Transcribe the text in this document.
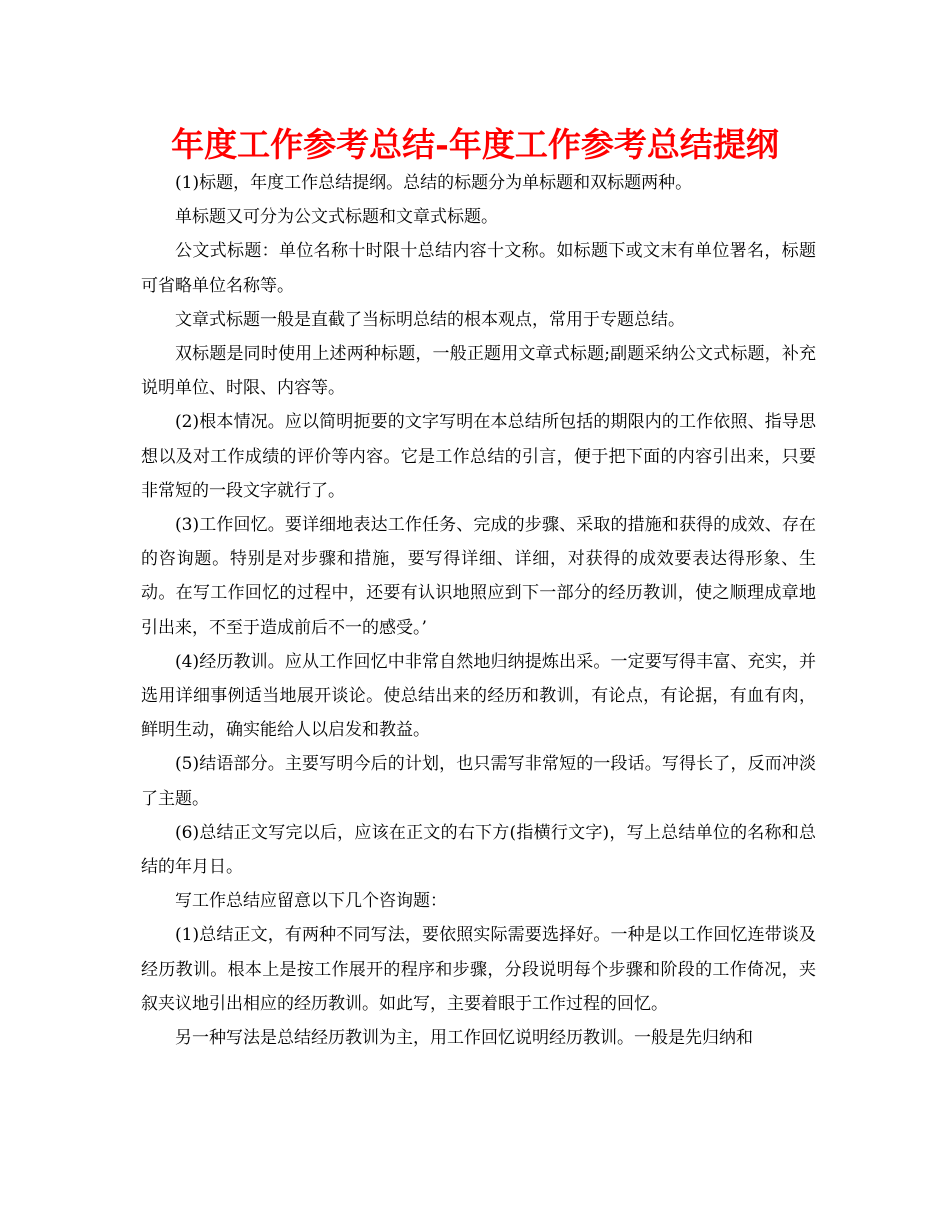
年度工作参考总结-年度工作参考总结提纲

(1)标题，年度工作总结提纲。总结的标题分为单标题和双标题两种。

单标题又可分为公文式标题和文章式标题。

公文式标题：单位名称十时限十总结内容十文称。如标题下或文末有单位署名，标题可省略单位名称等。

文章式标题一般是直截了当标明总结的根本观点，常用于专题总结。

双标题是同时使用上述两种标题，一般正题用文章式标题;副题采纳公文式标题，补充说明单位、时限、内容等。

(2)根本情况。应以简明扼要的文字写明在本总结所包括的期限内的工作依照、指导思想以及对工作成绩的评价等内容。它是工作总结的引言，便于把下面的内容引出来，只要非常短的一段文字就行了。

(3)工作回忆。要详细地表达工作任务、完成的步骤、采取的措施和获得的成效、存在的咨询题。特别是对步骤和措施，要写得详细、详细，对获得的成效要表达得形象、生动。在写工作回忆的过程中，还要有认识地照应到下一部分的经历教训，使之顺理成章地引出来，不至于造成前后不一的感受。’

(4)经历教训。应从工作回忆中非常自然地归纳提炼出采。一定要写得丰富、充实，并选用详细事例适当地展开谈论。使总结出来的经历和教训，有论点，有论据，有血有肉，鲜明生动，确实能给人以启发和教益。

(5)结语部分。主要写明今后的计划，也只需写非常短的一段话。写得长了，反而冲淡了主题。

(6)总结正文写完以后，应该在正文的右下方(指横行文字)，写上总结单位的名称和总结的年月日。

写工作总结应留意以下几个咨询题：

(1)总结正文，有两种不同写法，要依照实际需要选择好。一种是以工作回忆连带谈及经历教训。根本上是按工作展开的程序和步骤，分段说明每个步骤和阶段的工作倚况，夹叙夹议地引出相应的经历教训。如此写，主要着眼于工作过程的回忆。

另一种写法是总结经历教训为主，用工作回忆说明经历教训。一般是先归纳和
